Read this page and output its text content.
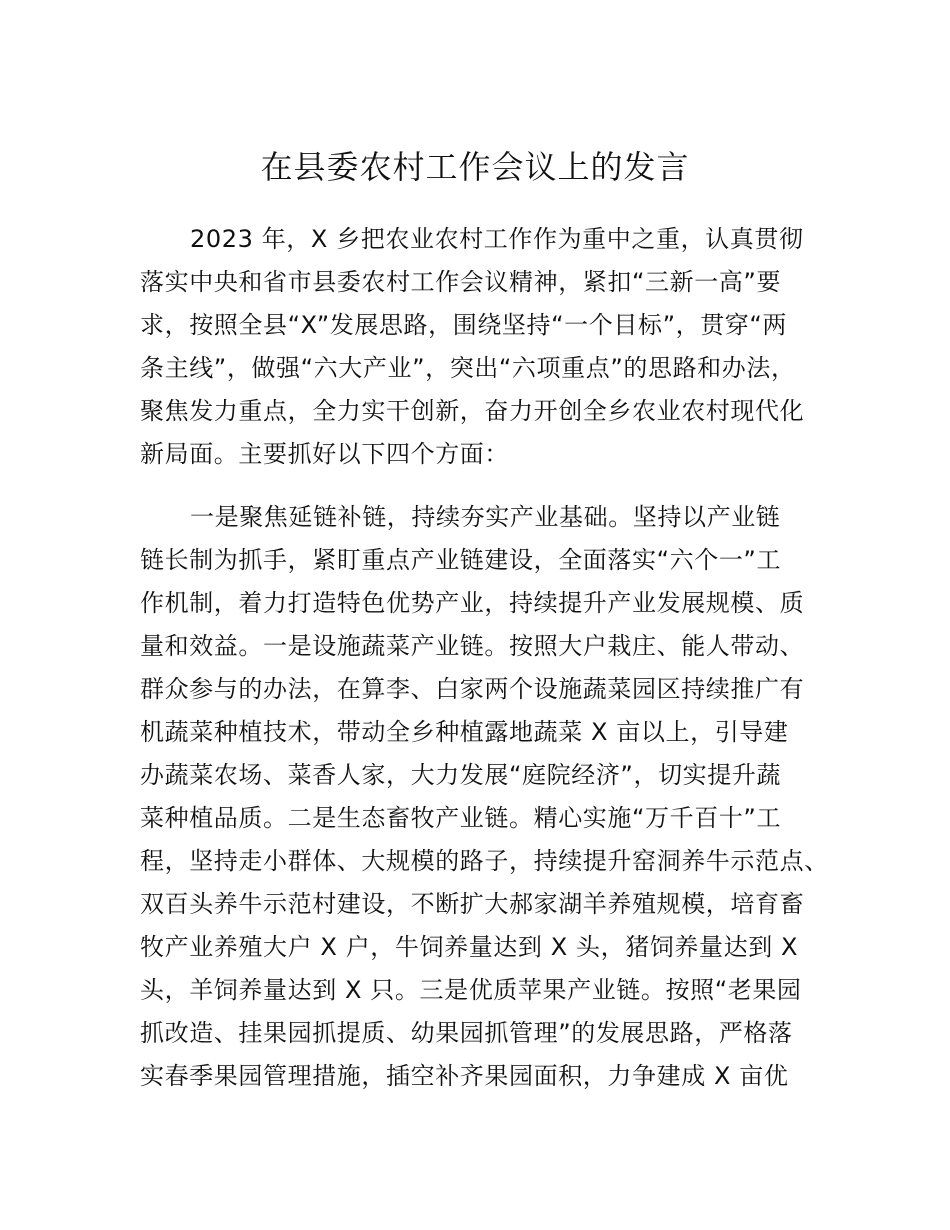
在县委农村工作会议上的发言
2023 年，X 乡把农业农村工作作为重中之重，认真贯彻
落实中央和省市县委农村工作会议精神，紧扣“三新一高”要
求，按照全县“X”发展思路，围绕坚持“一个目标”，贯穿“两
条主线”，做强“六大产业”，突出“六项重点”的思路和办法，
聚焦发力重点，全力实干创新，奋力开创全乡农业农村现代化
新局面。主要抓好以下四个方面：
一是聚焦延链补链，持续夯实产业基础。坚持以产业链
链长制为抓手，紧盯重点产业链建设，全面落实“六个一”工
作机制，着力打造特色优势产业，持续提升产业发展规模、质
量和效益。一是设施蔬菜产业链。按照大户栽庄、能人带动、
群众参与的办法，在算李、白家两个设施蔬菜园区持续推广有
机蔬菜种植技术，带动全乡种植露地蔬菜 X 亩以上，引导建
办蔬菜农场、菜香人家，大力发展“庭院经济”，切实提升蔬
菜种植品质。二是生态畜牧产业链。精心实施“万千百十”工
程，坚持走小群体、大规模的路子，持续提升窑洞养牛示范点、
双百头养牛示范村建设，不断扩大郝家湖羊养殖规模，培育畜
牧产业养殖大户 X 户，牛饲养量达到 X 头，猪饲养量达到 X
头，羊饲养量达到 X 只。三是优质苹果产业链。按照“老果园
抓改造、挂果园抓提质、幼果园抓管理”的发展思路，严格落
实春季果园管理措施，插空补齐果园面积，力争建成 X 亩优
